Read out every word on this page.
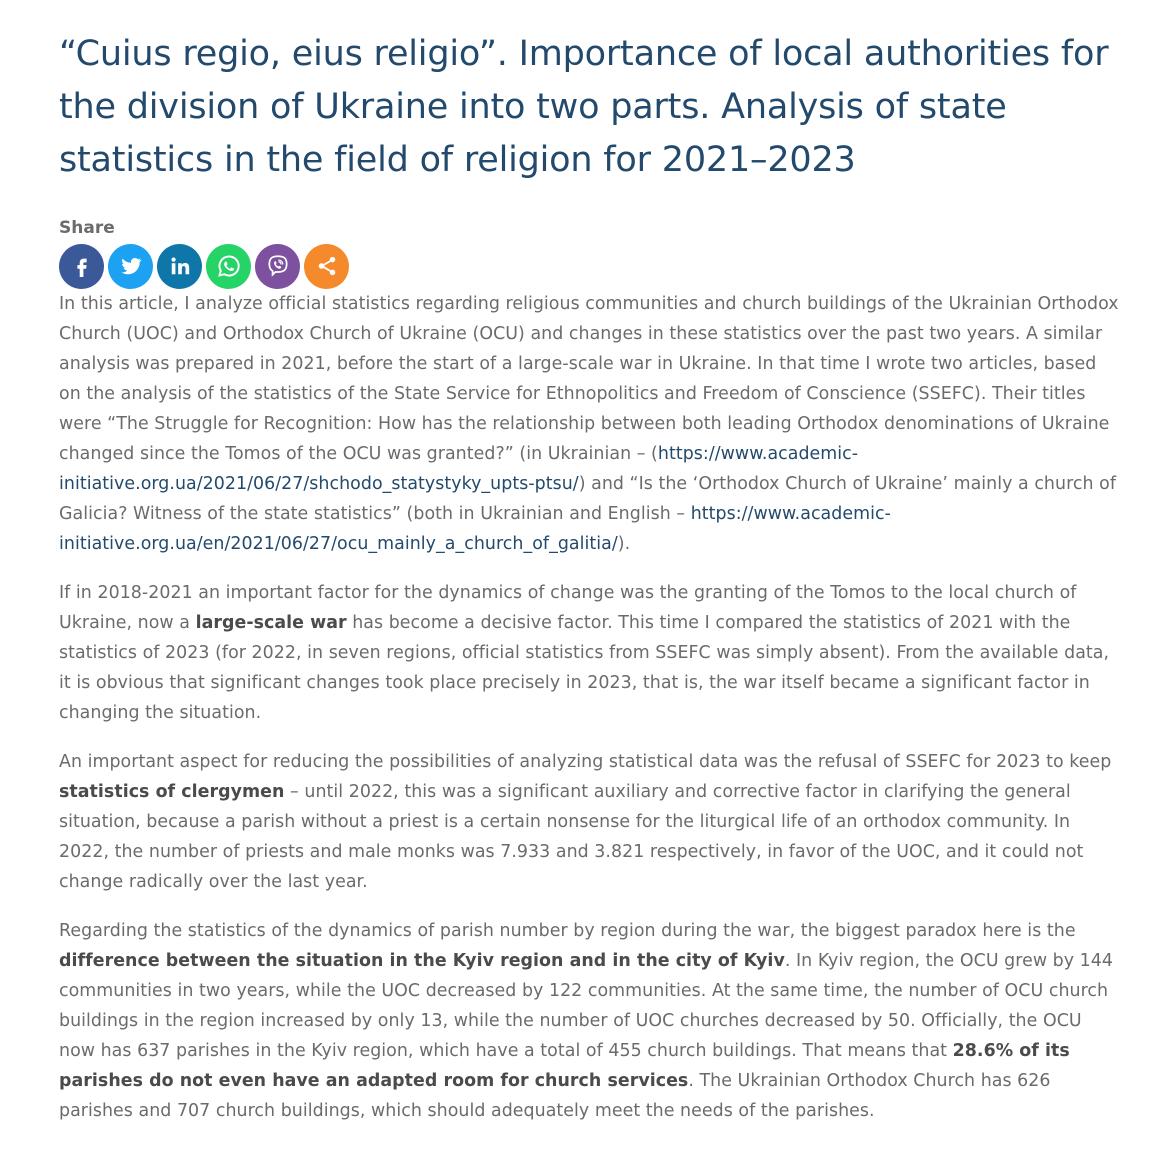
“Cuius regio, eius religio”. Importance of local authorities for the division of Ukraine into two parts. Analysis of state statistics in the field of religion for 2021–2023
Share

In this article, I analyze official statistics regarding religious communities and church buildings of the Ukrainian Orthodox Church (UOC) and Orthodox Church of Ukraine (OCU) and changes in these statistics over the past two years. A similar analysis was prepared in 2021, before the start of a large-scale war in Ukraine. In that time I wrote two articles, based on the analysis of the statistics of the State Service for Ethnopolitics and Freedom of Conscience (SSEFC). Their titles were “The Struggle for Recognition: How has the relationship between both leading Orthodox denominations of Ukraine changed since the Tomos of the OCU was granted?” (in Ukrainian – (https://www.academic-initiative.org.ua/2021/06/27/shchodo_statystyky_upts-ptsu/) and “Is the ‘Orthodox Church of Ukraine’ mainly a church of Galicia? Witness of the state statistics” (both in Ukrainian and English – https://www.academic-initiative.org.ua/en/2021/06/27/ocu_mainly_a_church_of_galitia/).

If in 2018-2021 an important factor for the dynamics of change was the granting of the Tomos to the local church of Ukraine, now a large-scale war has become a decisive factor. This time I compared the statistics of 2021 with the statistics of 2023 (for 2022, in seven regions, official statistics from SSEFC was simply absent). From the available data, it is obvious that significant changes took place precisely in 2023, that is, the war itself became a significant factor in changing the situation.

An important aspect for reducing the possibilities of analyzing statistical data was the refusal of SSEFC for 2023 to keep statistics of clergymen – until 2022, this was a significant auxiliary and corrective factor in clarifying the general situation, because a parish without a priest is a certain nonsense for the liturgical life of an orthodox community. In 2022, the number of priests and male monks was 7.933 and 3.821 respectively, in favor of the UOC, and it could not change radically over the last year.

Regarding the statistics of the dynamics of parish number by region during the war, the biggest paradox here is the difference between the situation in the Kyiv region and in the city of Kyiv. In Kyiv region, the OCU grew by 144 communities in two years, while the UOC decreased by 122 communities. At the same time, the number of OCU church buildings in the region increased by only 13, while the number of UOC churches decreased by 50. Officially, the OCU now has 637 parishes in the Kyiv region, which have a total of 455 church buildings. That means that 28.6% of its parishes do not even have an adapted room for church services. The Ukrainian Orthodox Church has 626 parishes and 707 church buildings, which should adequately meet the needs of the parishes.
